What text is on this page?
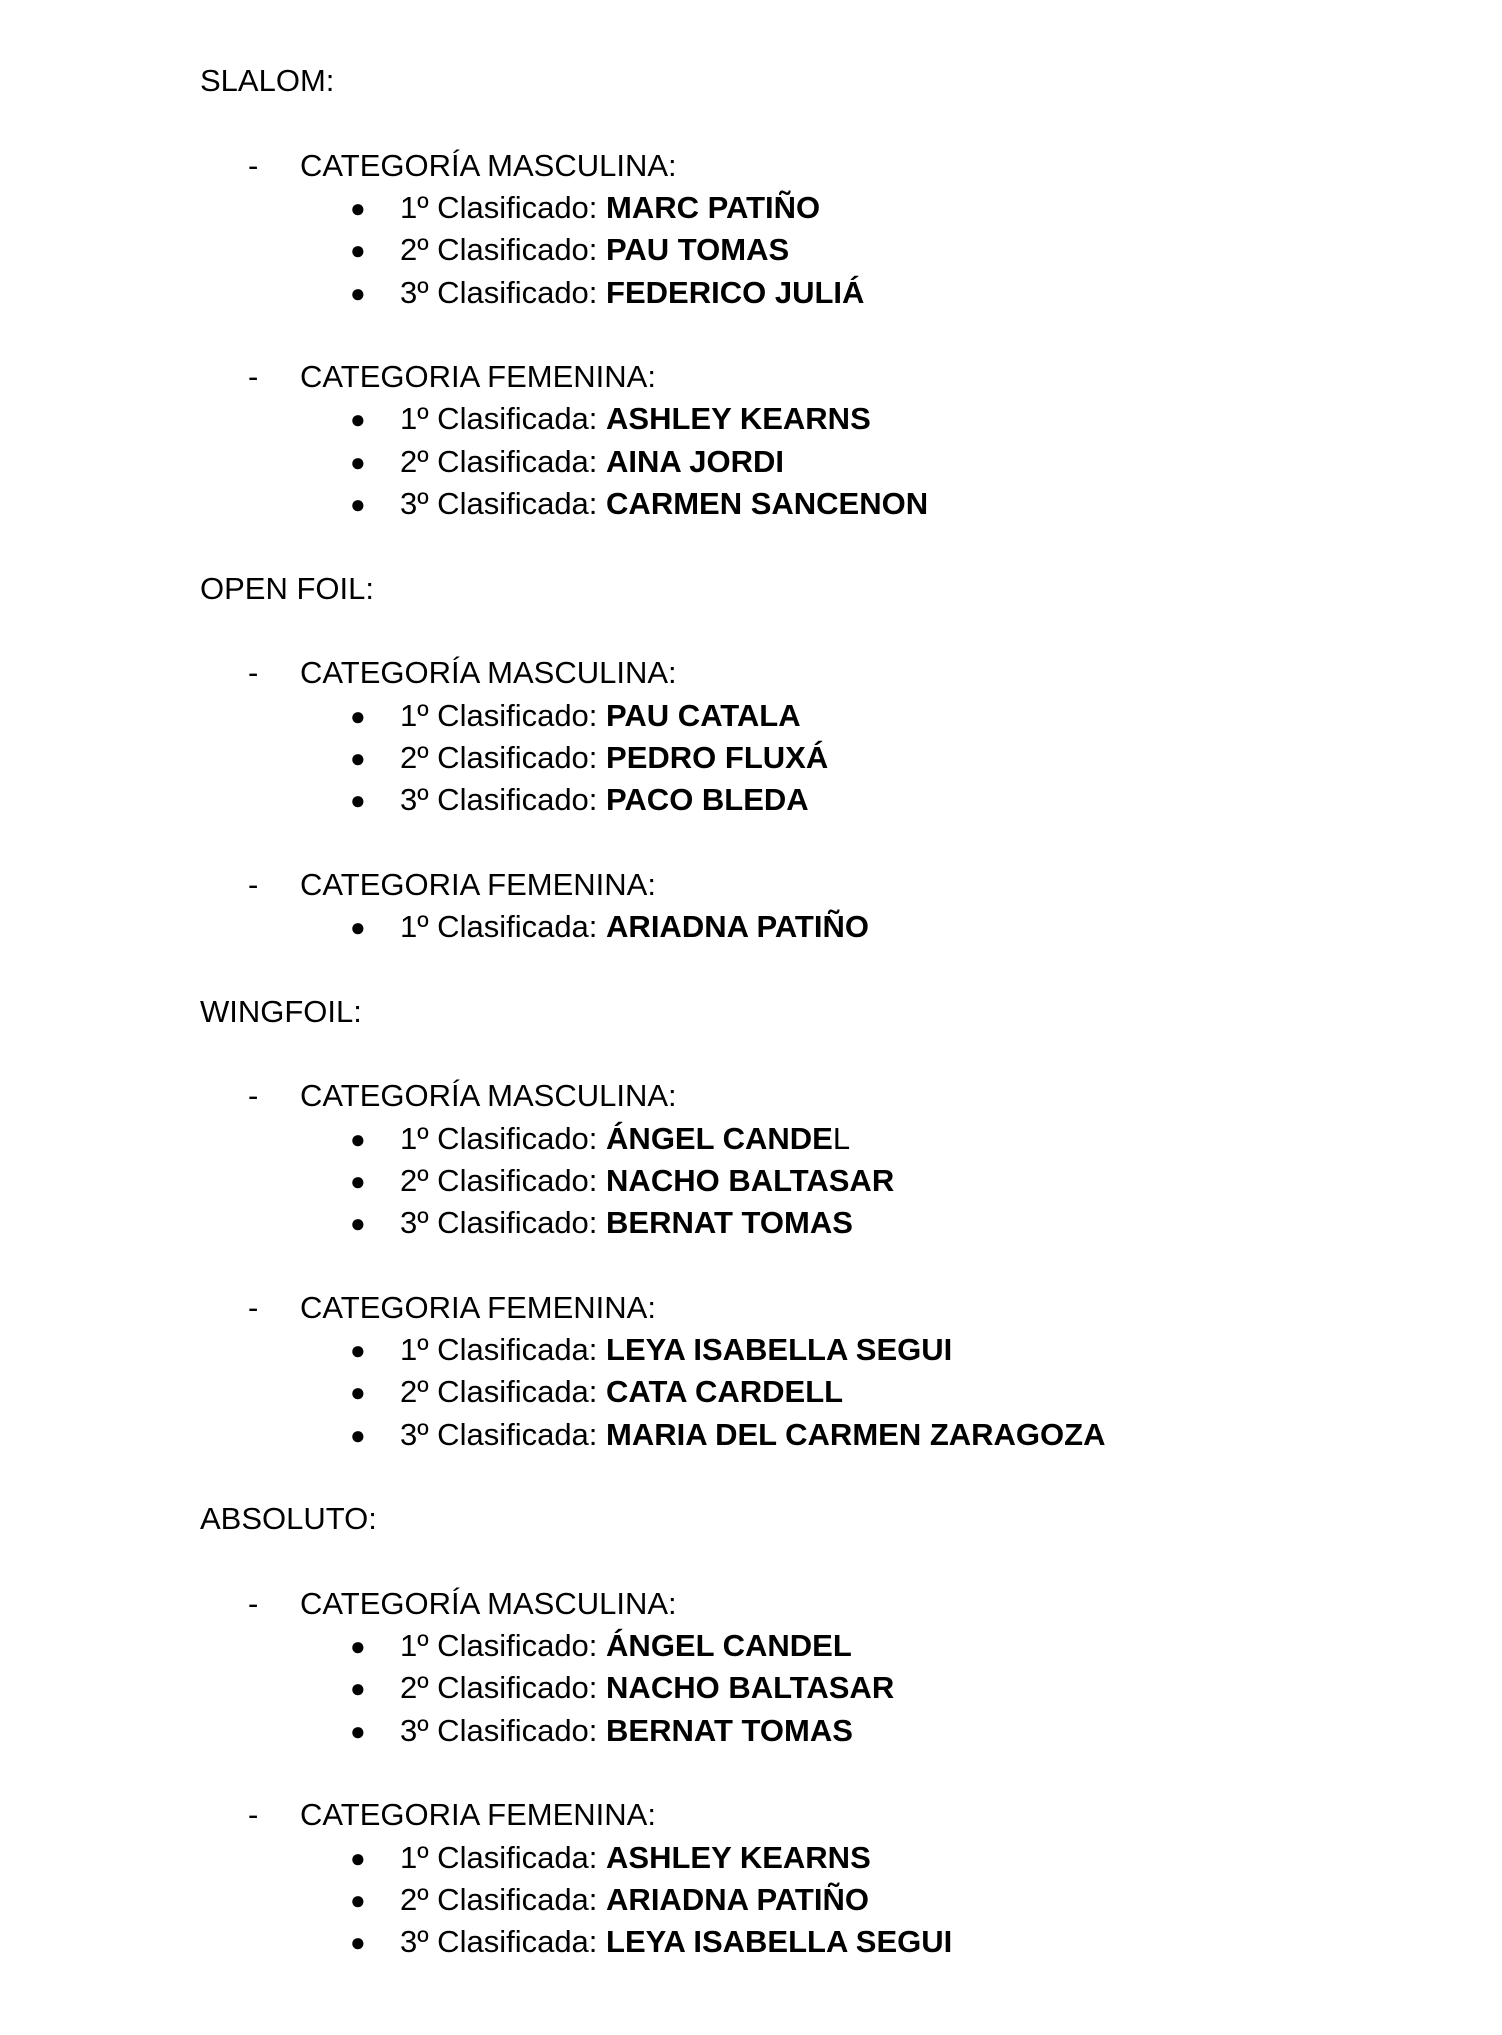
SLALOM:
-	CATEGORÍA MASCULINA:
● 1º Clasificado: MARC PATIÑO
● 2º Clasificado: PAU TOMAS
● 3º Clasificado: FEDERICO JULIÁ
-	CATEGORIA FEMENINA:
● 1º Clasificada: ASHLEY KEARNS
● 2º Clasificada: AINA JORDI
● 3º Clasificada: CARMEN SANCENON
OPEN FOIL:
-	CATEGORÍA MASCULINA:
● 1º Clasificado: PAU CATALA
● 2º Clasificado: PEDRO FLUXÁ
● 3º Clasificado: PACO BLEDA
-	CATEGORIA FEMENINA:
● 1º Clasificada: ARIADNA PATIÑO
WINGFOIL:
-	CATEGORÍA MASCULINA:
● 1º Clasificado: ÁNGEL CANDEL
● 2º Clasificado: NACHO BALTASAR
● 3º Clasificado: BERNAT TOMAS
-	CATEGORIA FEMENINA:
● 1º Clasificada: LEYA ISABELLA SEGUI
● 2º Clasificada: CATA CARDELL
● 3º Clasificada: MARIA DEL CARMEN ZARAGOZA
ABSOLUTO:
-	CATEGORÍA MASCULINA:
● 1º Clasificado: ÁNGEL CANDEL
● 2º Clasificado: NACHO BALTASAR
● 3º Clasificado: BERNAT TOMAS
-	CATEGORIA FEMENINA:
● 1º Clasificada: ASHLEY KEARNS
● 2º Clasificada: ARIADNA PATIÑO
● 3º Clasificada: LEYA ISABELLA SEGUI
